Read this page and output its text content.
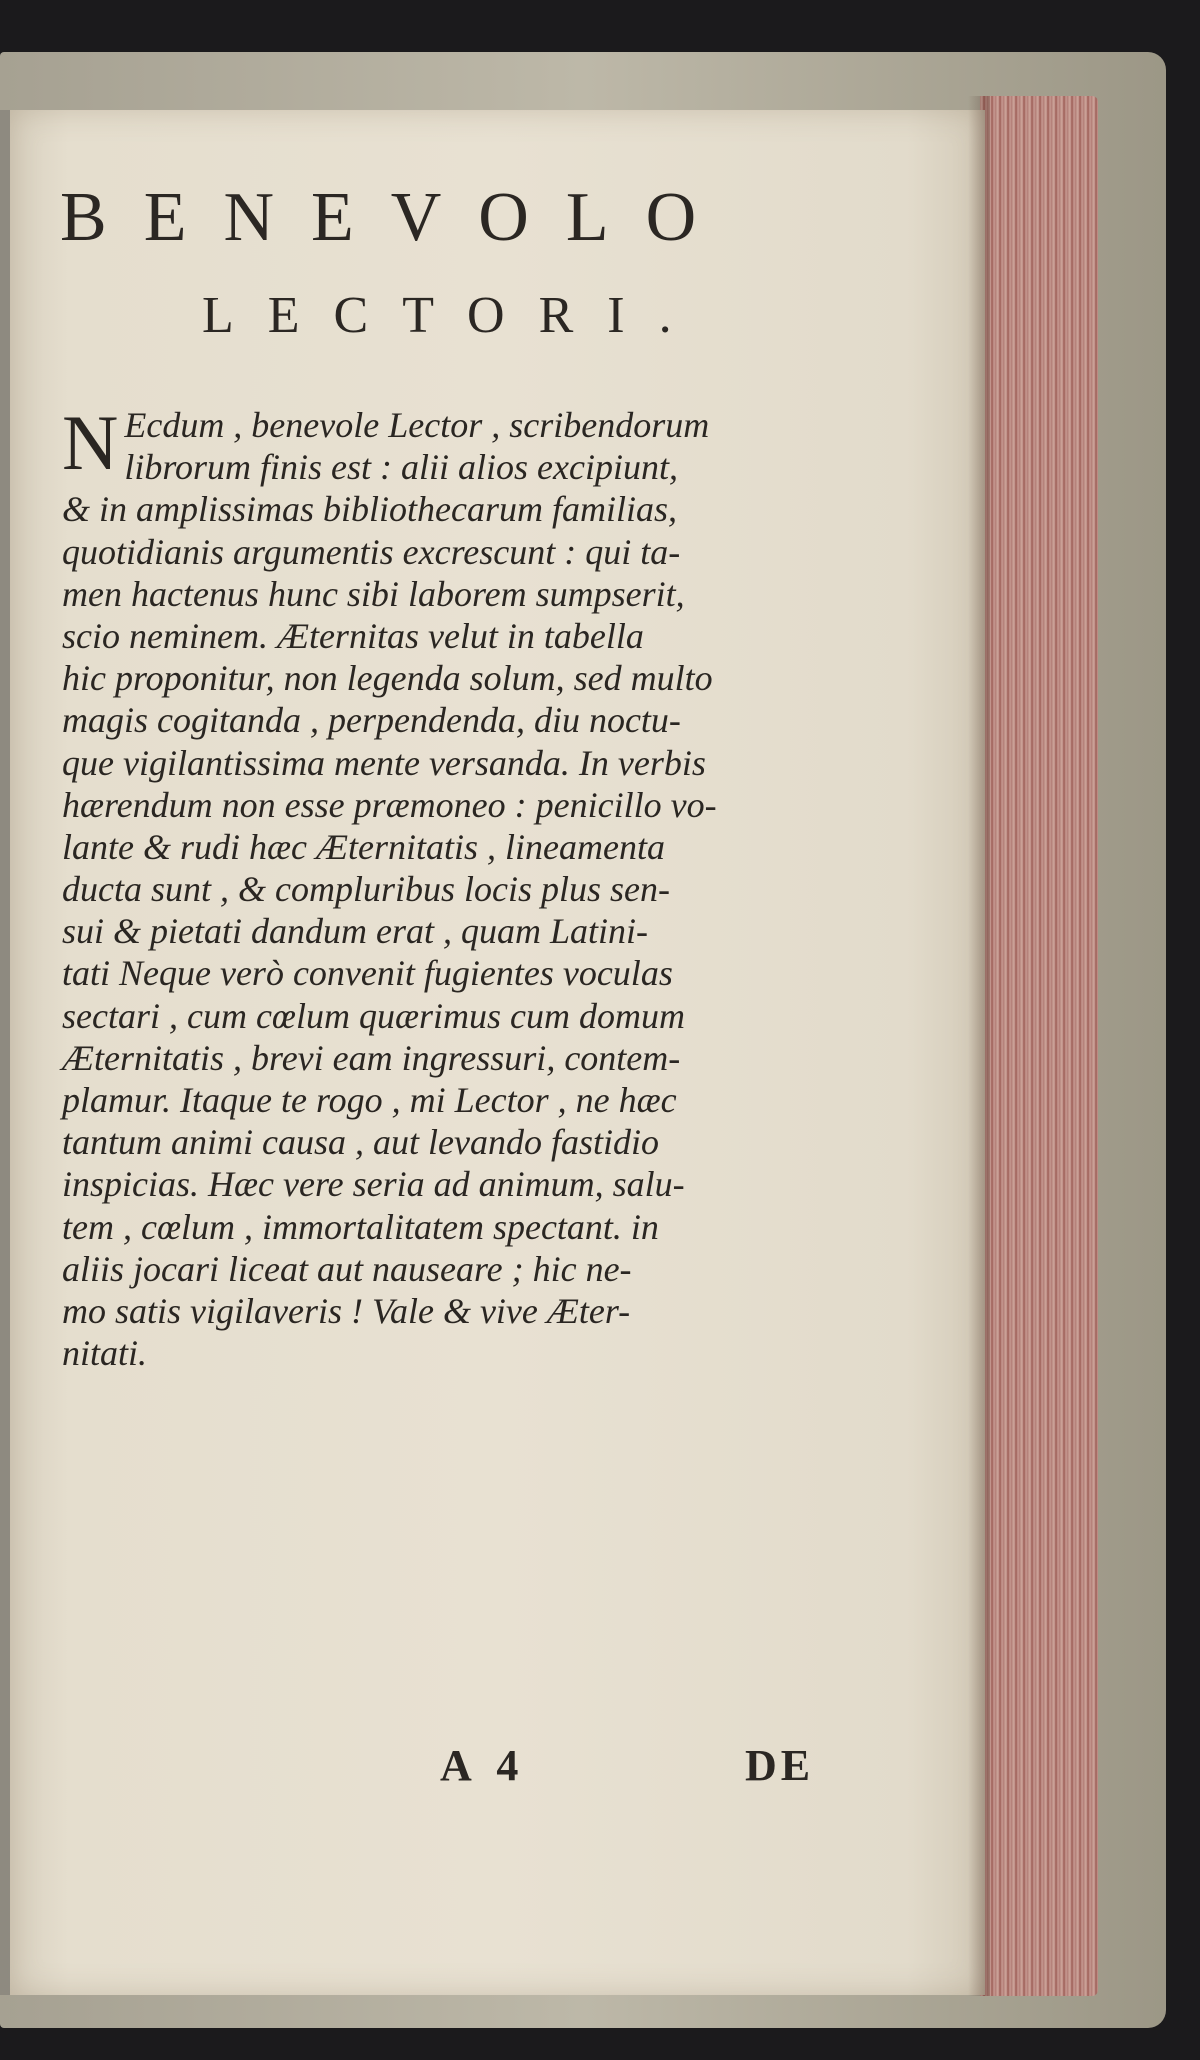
BENEVOLO
LECTORI.
N Ecdum , benevole Lector , scribendorum
librorum finis est : alii alios excipiunt,
& in amplissimas bibliothecarum familias,
quotidianis argumentis excrescunt : qui ta-
men hactenus hunc sibi laborem sumpserit,
scio neminem. Æternitas velut in tabella
hic proponitur, non legenda solum, sed multo
magis cogitanda , perpendenda, diu noctu-
que vigilantissima mente versanda. In verbis
hærendum non esse præmoneo : penicillo vo-
lante & rudi hæc Æternitatis , lineamenta
ducta sunt , & compluribus locis plus sen-
sui & pietati dandum erat , quam Latini-
tati Neque verò convenit fugientes voculas
sectari , cum cœlum quærimus cum domum
Æternitatis , brevi eam ingressuri, contem-
plamur. Itaque te rogo , mi Lector , ne hæc
tantum animi causa , aut levando fastidio
inspicias. Hæc vere seria ad animum, salu-
tem , cœlum , immortalitatem spectant. in
aliis jocari liceat aut nauseare ; hic ne-
mo satis vigilaveris ! Vale & vive Æter-
nitati.
A 4	DE
